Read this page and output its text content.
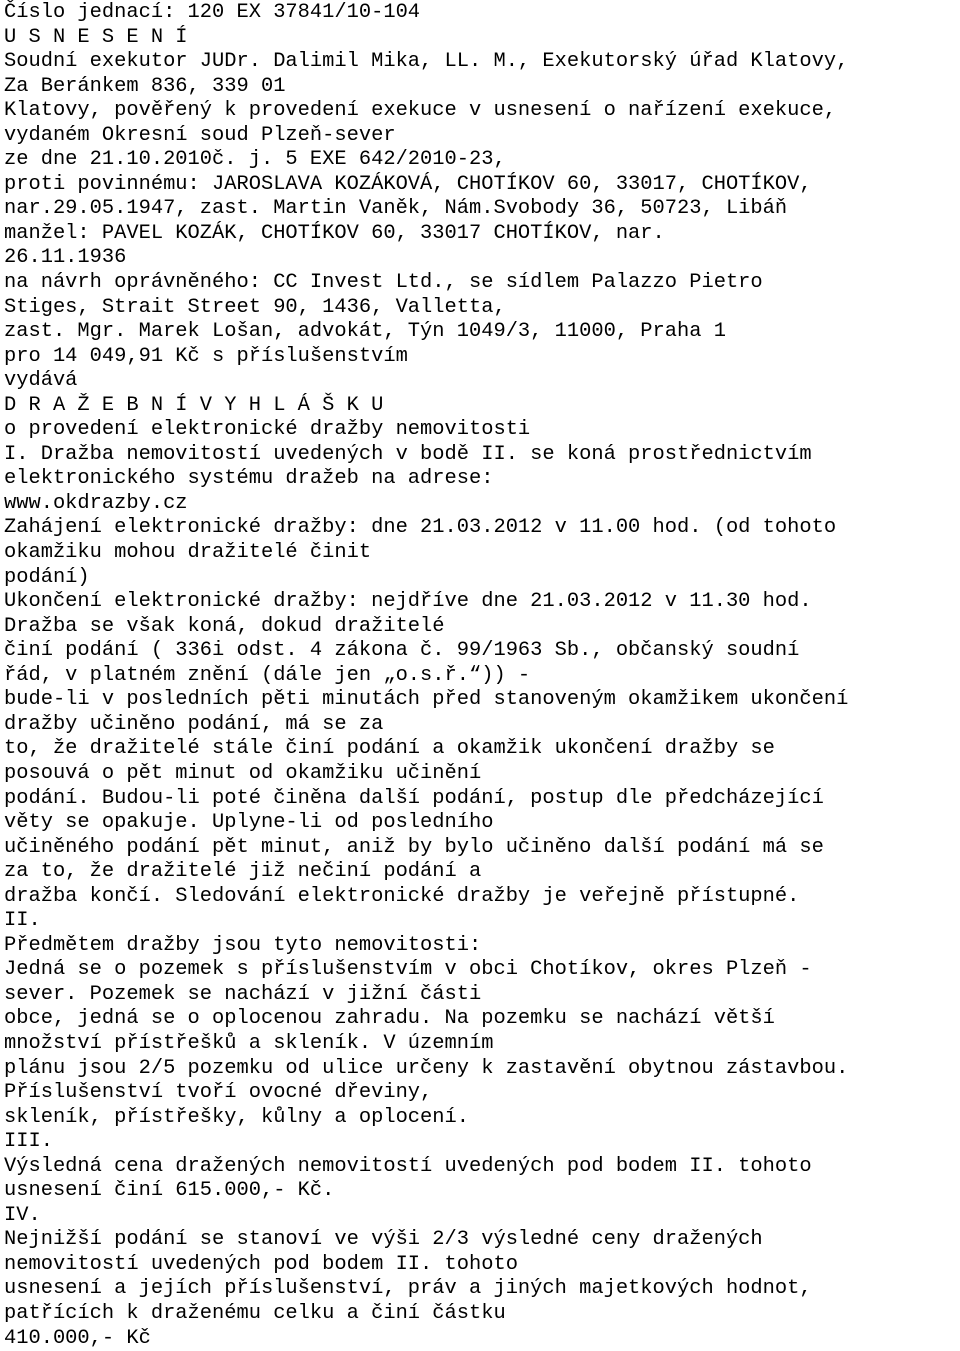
Číslo jednací: 120 EX 37841/10-104
U S N E S E N Í
Soudní exekutor JUDr. Dalimil Mika, LL. M., Exekutorský úřad Klatovy,
Za Beránkem 836, 339 01
Klatovy, pověřený k provedení exekuce v usnesení o nařízení exekuce,
vydaném Okresní soud Plzeň-sever
ze dne 21.10.2010č. j. 5 EXE 642/2010-23,
proti povinnému: JAROSLAVA KOZÁKOVÁ, CHOTÍKOV 60, 33017, CHOTÍKOV,
nar.29.05.1947, zast. Martin Vaněk, Nám.Svobody 36, 50723, Libáň
manžel: PAVEL KOZÁK, CHOTÍKOV 60, 33017 CHOTÍKOV, nar.
26.11.1936
na návrh oprávněného: CC Invest Ltd., se sídlem Palazzo Pietro
Stiges, Strait Street 90, 1436, Valletta,
zast. Mgr. Marek Lošan, advokát, Týn 1049/3, 11000, Praha 1
pro 14 049,91 Kč s příslušenstvím
vydává
D R A Ž E B N Í V Y H L Á Š K U
o provedení elektronické dražby nemovitosti
I. Dražba nemovitostí uvedených v bodě II. se koná prostřednictvím
elektronického systému dražeb na adrese:
www.okdrazby.cz
Zahájení elektronické dražby: dne 21.03.2012 v 11.00 hod. (od tohoto
okamžiku mohou dražitelé činit
podání)
Ukončení elektronické dražby: nejdříve dne 21.03.2012 v 11.30 hod.
Dražba se však koná, dokud dražitelé
činí podání ( 336i odst. 4 zákona č. 99/1963 Sb., občanský soudní
řád, v platném znění (dále jen „o.s.ř.“)) -
bude-li v posledních pěti minutách před stanoveným okamžikem ukončení
dražby učiněno podání, má se za
to, že dražitelé stále činí podání a okamžik ukončení dražby se
posouvá o pět minut od okamžiku učinění
podání. Budou-li poté činěna další podání, postup dle předcházející
věty se opakuje. Uplyne-li od posledního
učiněného podání pět minut, aniž by bylo učiněno další podání má se
za to, že dražitelé již nečiní podání a
dražba končí. Sledování elektronické dražby je veřejně přístupné.
II.
Předmětem dražby jsou tyto nemovitosti:
Jedná se o pozemek s příslušenstvím v obci Chotíkov, okres Plzeň -
sever. Pozemek se nachází v jižní části
obce, jedná se o oplocenou zahradu. Na pozemku se nachází větší
množství přístřešků a skleník. V územním
plánu jsou 2/5 pozemku od ulice určeny k zastavění obytnou zástavbou.
Příslušenství tvoří ovocné dřeviny,
skleník, přístřešky, kůlny a oplocení.
III.
Výsledná cena dražených nemovitostí uvedených pod bodem II. tohoto
usnesení činí 615.000,- Kč.
IV.
Nejnižší podání se stanoví ve výši 2/3 výsledné ceny dražených
nemovitostí uvedených pod bodem II. tohoto
usnesení a jejích příslušenství, práv a jiných majetkových hodnot,
patřících k draženému celku a činí částku
410.000,- Kč
